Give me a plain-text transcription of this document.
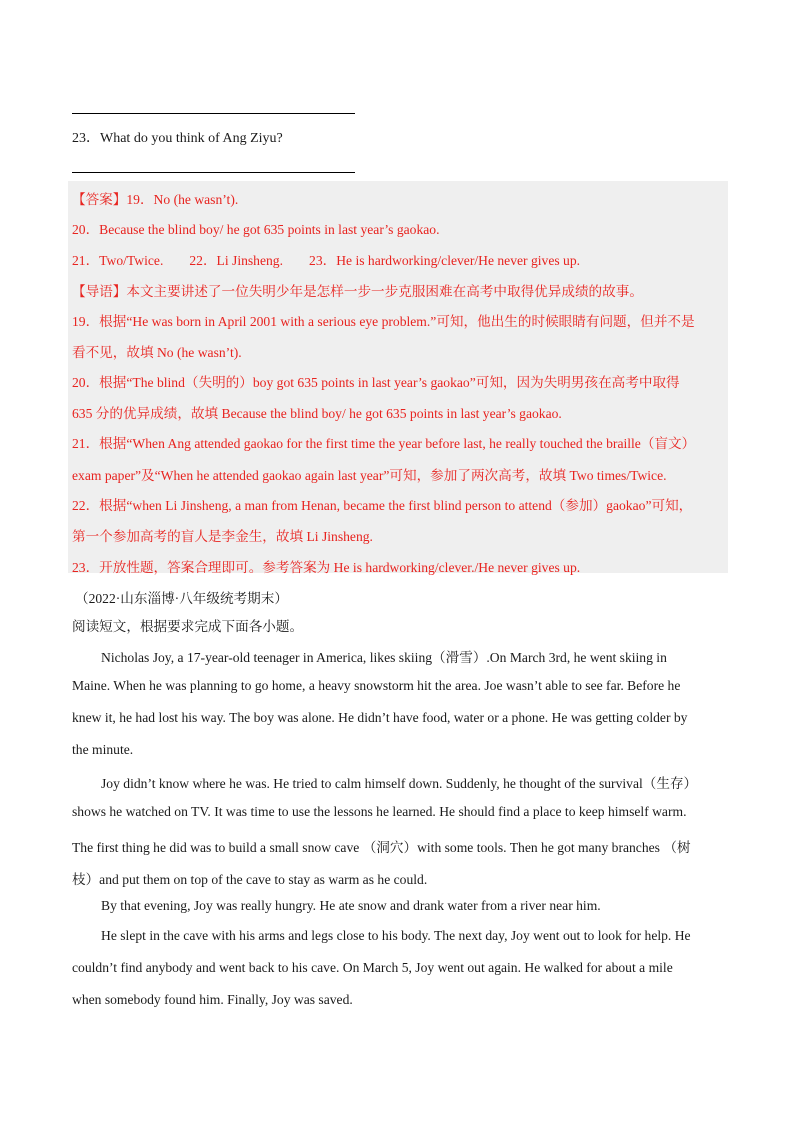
23．What do you think of Ang Ziyu?
【答案】19．No (he wasn’t).
20．Because the blind boy/ he got 635 points in last year’s gaokao.
21．Two/Twice. 22．Li Jinsheng. 23．He is hardworking/clever/He never gives up.
【导语】本文主要讲述了一位失明少年是怎样一步一步克服困难在高考中取得优异成绩的故事。
19．根据“He was born in April 2001 with a serious eye problem.”可知，他出生的时候眼睛有问题，但并不是
看不见，故填 No (he wasn’t).
20．根据“The blind（失明的）boy got 635 points in last year’s gaokao”可知，因为失明男孩在高考中取得
635 分的优异成绩，故填 Because the blind boy/ he got 635 points in last year’s gaokao.
21．根据“When Ang attended gaokao for the first time the year before last, he really touched the braille（盲文）
exam paper”及“When he attended gaokao again last year”可知，参加了两次高考，故填 Two times/Twice.
22．根据“when Li Jinsheng, a man from Henan, became the first blind person to attend（参加）gaokao”可知，
第一个参加高考的盲人是李金生，故填 Li Jinsheng.
23．开放性题，答案合理即可。参考答案为 He is hardworking/clever./He never gives up.
（2022·山东淄博·八年级统考期末）
阅读短文，根据要求完成下面各小题。
Nicholas Joy, a 17-year-old teenager in America, likes skiing（滑雪）.On March 3rd, he went skiing in
Maine. When he was planning to go home, a heavy snowstorm hit the area. Joe wasn’t able to see far. Before he
knew it, he had lost his way. The boy was alone. He didn’t have food, water or a phone. He was getting colder by
the minute.
Joy didn’t know where he was. He tried to calm himself down. Suddenly, he thought of the survival（生存）
shows he watched on TV. It was time to use the lessons he learned. He should find a place to keep himself warm.
The first thing he did was to build a small snow cave （洞穴）with some tools. Then he got many branches （树
枝）and put them on top of the cave to stay as warm as he could.
By that evening, Joy was really hungry. He ate snow and drank water from a river near him.
He slept in the cave with his arms and legs close to his body. The next day, Joy went out to look for help. He
couldn’t find anybody and went back to his cave. On March 5, Joy went out again. He walked for about a mile
when somebody found him. Finally, Joy was saved.
